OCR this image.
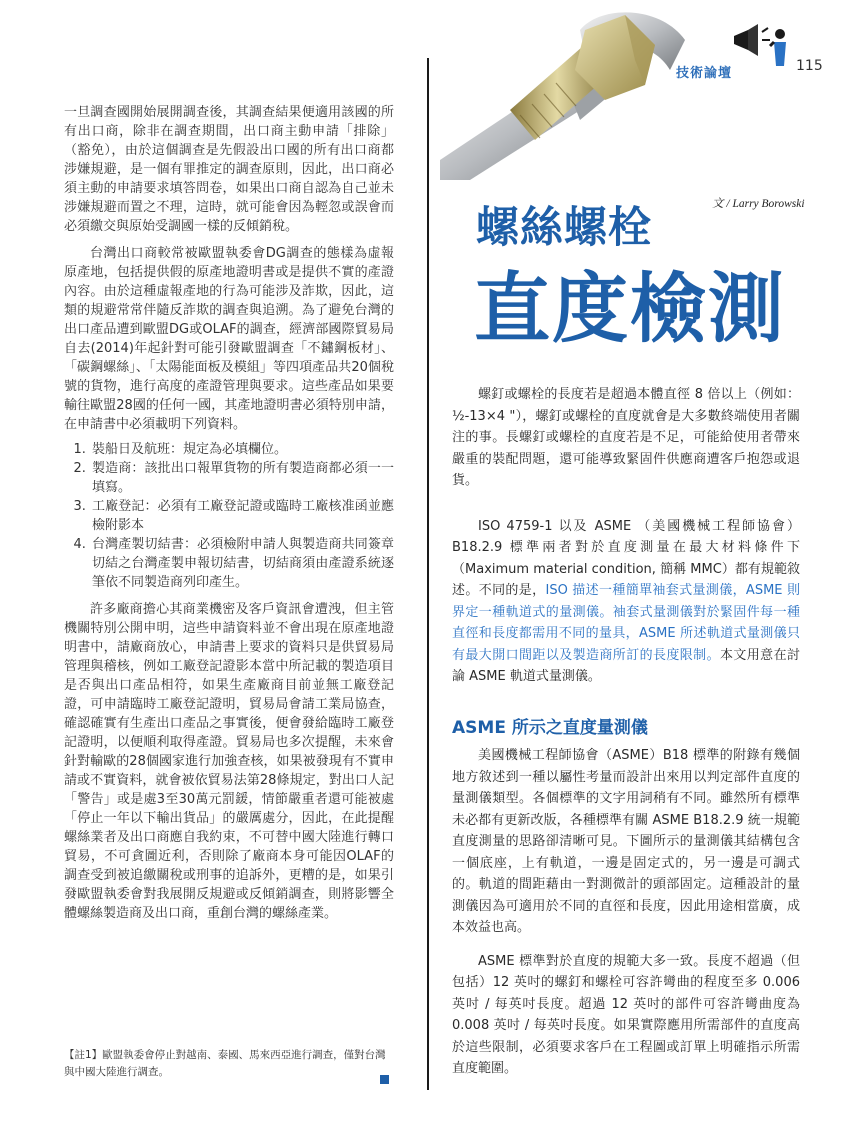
技術論壇	115
文 / Larry Borowski
螺絲螺栓
直度檢測

一旦調查國開始展開調查後，其調查結果便適用該國的所有出口商，除非在調查期間，出口商主動申請「排除」（豁免），由於這個調查是先假設出口國的所有出口商都涉嫌規避，是一個有罪推定的調查原則，因此，出口商必須主動的申請要求填答問卷，如果出口商自認為自己並未涉嫌規避而置之不理，這時，就可能會因為輕忽或誤會而必須繳交與原始受調國一樣的反傾銷稅。

台灣出口商較常被歐盟執委會DG調查的態樣為虛報原產地，包括提供假的原產地證明書或是提供不實的產證內容。由於這種虛報產地的行為可能涉及詐欺，因此，這類的規避常常伴隨反詐欺的調查與追溯。為了避免台灣的出口產品遭到歐盟DG或OLAF的調查，經濟部國際貿易局自去(2014)年起針對可能引發歐盟調查「不鏽鋼板材」、「碳鋼螺絲」、「太陽能面板及模組」等四項產品共20個稅號的貨物，進行高度的產證管理與要求。這些產品如果要輸往歐盟28國的任何一國，其產地證明書必須特別申請，在申請書中必須載明下列資料。

1. 裝船日及航班：規定為必填欄位。
2. 製造商：該批出口報單貨物的所有製造商都必須一一填寫。
3. 工廠登記：必須有工廠登記證或臨時工廠核准函並應檢附影本
4. 台灣產製切結書：必須檢附申請人與製造商共同簽章切結之台灣產製申報切結書，切結商須由產證系統逐筆依不同製造商列印產生。

許多廠商擔心其商業機密及客戶資訊會遭洩，但主管機關特別公開申明，這些申請資料並不會出現在原產地證明書中，請廠商放心，申請書上要求的資料只是供貿易局管理與稽核，例如工廠登記證影本當中所記載的製造項目是否與出口產品相符，如果生產廠商目前並無工廠登記證，可申請臨時工廠登記證明，貿易局會請工業局協查，確認確實有生產出口產品之事實後，便會發給臨時工廠登記證明，以便順利取得產證。貿易局也多次提醒，未來會針對輸歐的28個國家進行加強查核，如果被發現有不實申請或不實資料，就會被依貿易法第28條規定，對出口人記「警告」或是處3至30萬元罰鍰，情節嚴重者還可能被處「停止一年以下輸出貨品」的嚴厲處分，因此，在此提醒螺絲業者及出口商應自我約束，不可替中國大陸進行轉口貿易，不可貪圖近利，否則除了廠商本身可能因OLAF的調查受到被追繳關稅或刑事的追訴外，更糟的是，如果引發歐盟執委會對我展開反規避或反傾銷調查，則將影響全體螺絲製造商及出口商，重創台灣的螺絲產業。

【註1】歐盟執委會停止對越南、泰國、馬來西亞進行調查，僅對台灣與中國大陸進行調查。

螺釘或螺栓的長度若是超過本體直徑 8 倍以上（例如：½-13×4 "），螺釘或螺栓的直度就會是大多數終端使用者關注的事。長螺釘或螺栓的直度若是不足，可能給使用者帶來嚴重的裝配問題，還可能導致緊固件供應商遭客戶抱怨或退貨。

ISO 4759-1 以及 ASME （美國機械工程師協會）B18.2.9 標準兩者對於直度測量在最大材料條件下（Maximum material condition, 簡稱 MMC）都有規範敘述。不同的是，ISO 描述一種簡單袖套式量測儀，ASME 則界定一種軌道式的量測儀。袖套式量測儀對於緊固件每一種直徑和長度都需用不同的量具，ASME 所述軌道式量測儀只有最大開口間距以及製造商所訂的長度限制。本文用意在討論 ASME 軌道式量測儀。

ASME 所示之直度量測儀

美國機械工程師協會（ASME）B18 標準的附錄有幾個地方敘述到一種以屬性考量而設計出來用以判定部件直度的量測儀類型。各個標準的文字用詞稍有不同。雖然所有標準未必都有更新改版，各種標準有關 ASME B18.2.9 統一規範直度測量的思路卻清晰可見。下圖所示的量測儀其結構包含一個底座，上有軌道，一邊是固定式的，另一邊是可調式的。軌道的間距藉由一對測微計的頭部固定。這種設計的量測儀因為可適用於不同的直徑和長度，因此用途相當廣，成本效益也高。

ASME 標準對於直度的規範大多一致。長度不超過（但包括）12 英吋的螺釘和螺栓可容許彎曲的程度至多 0.006 英吋 / 每英吋長度。超過 12 英吋的部件可容許彎曲度為 0.008 英吋 / 每英吋長度。如果實際應用所需部件的直度高於這些限制，必須要求客戶在工程圖或訂單上明確指示所需直度範圍。
